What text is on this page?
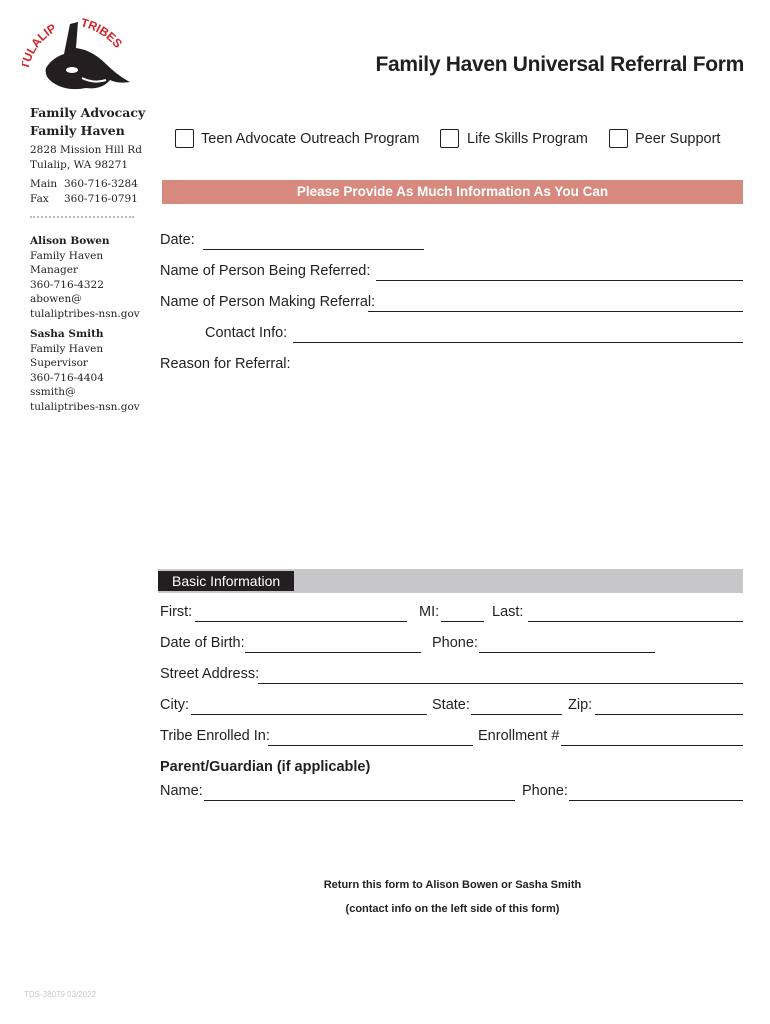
LALIP TRIBES
Family Haven Universal Referral Form
Family Advocacy
Family Haven
2828 Mission Hill Rd
Tulalip, WA 98271
Main 360-716-3284
Fax 360-716-0791
Alison Bowen
Family Haven
Manager
360-716-4322
abowen@
tulaliptribes-nsn.gov
Sasha Smith
Family Haven
Supervisor
360-716-4404
ssmith@
tulaliptribes-nsn.gov
Teen Advocate Outreach Program	Life Skills Program	Peer Support
Please Provide As Much Information As You Can
Date:
Name of Person Being Referred:
Name of Person Making Referral:
Contact Info:
Reason for Referral:
Basic Information
First:	MI:	Last:
Date of Birth:	Phone:
Street Address:
City:	State:	Zip:
Tribe Enrolled In:	Enrollment #
Parent/Guardian (if applicable)
Name:	Phone:
Return this form to Alison Bowen or Sasha Smith
(contact info on the left side of this form)
TDS-38079 03/2022
